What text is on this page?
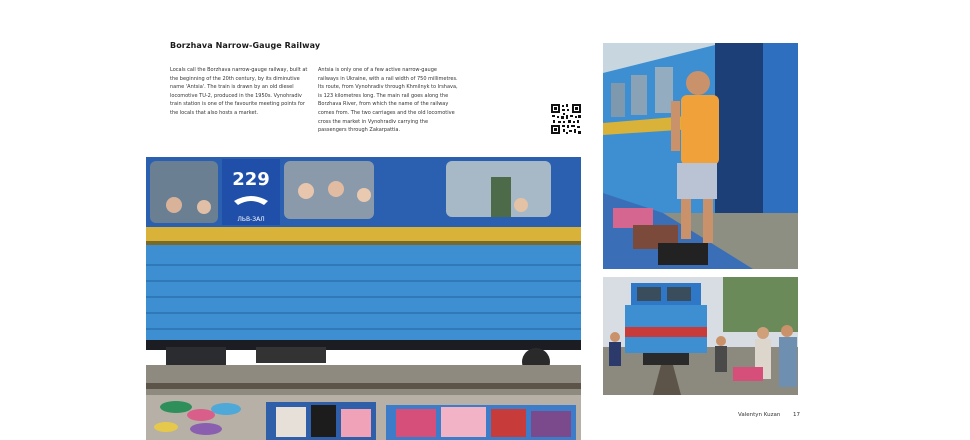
Borzhava Narrow-Gauge Railway
Locals call the Borzhava narrow-gauge railway, built at the beginning of the 20th century, by its diminutive name 'Antsia'. The train is drawn by an old diesel locomotive TU-2, produced in the 1950s. Vynohradiv train station is one of the favourite meeting points for the locals that also hosts a market.
Antsia is only one of a few active narrow-gauge railways in Ukraine, with a rail width of 750 millimetres. Its route, from Vynohradiv through Khmilnyk to Irshava, is 123 kilometres long. The main rail goes along the Borzhava River, from which the name of the railway comes from. The two carriages and the old locomotive cross the market in Vynohradiv carrying the passengers through Zakarpattia.
229
ЛЬВ-ЗАЛ
Valentyn Kuzan 17
